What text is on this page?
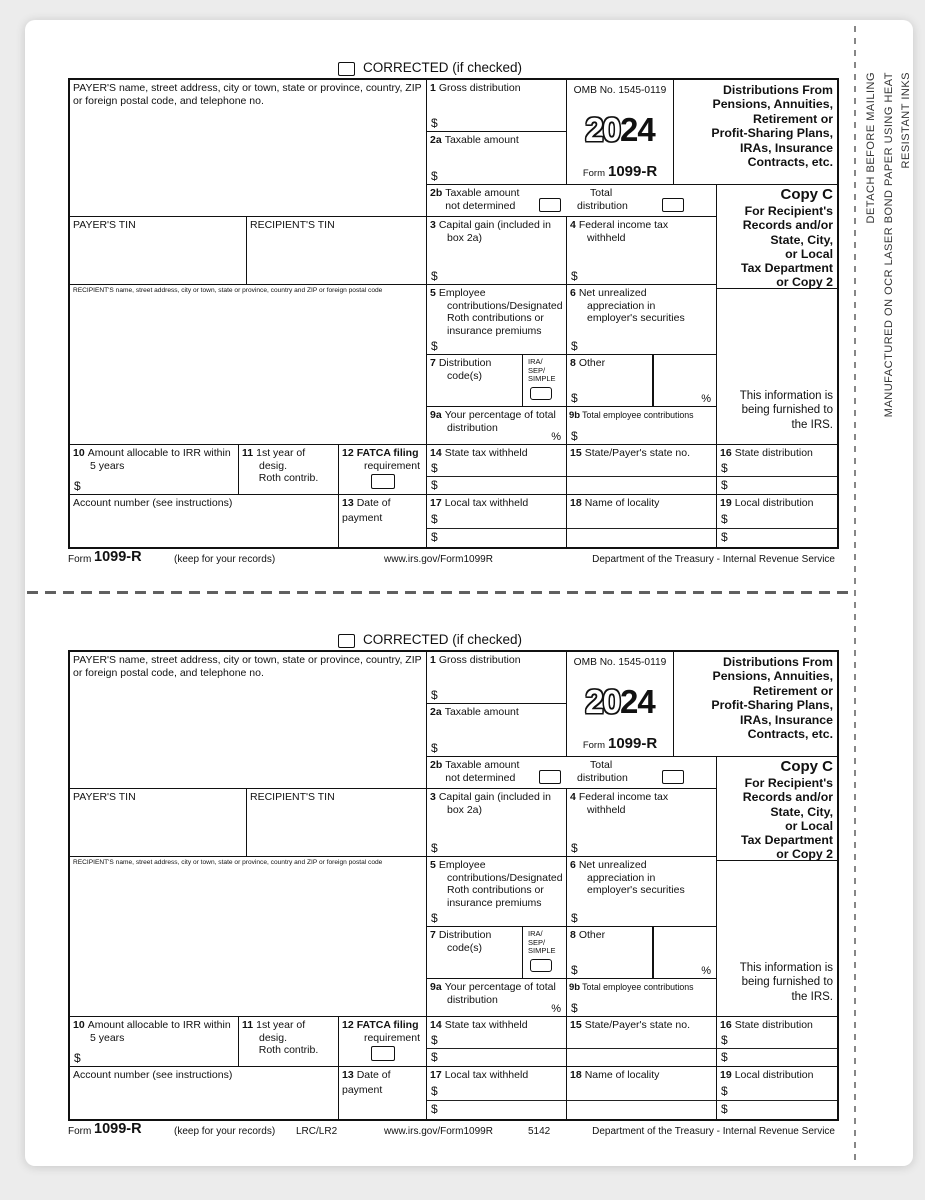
CORRECTED (if checked)
PAYER'S name, street address, city or town, state or province, country, ZIP or foreign postal code, and telephone no.
PAYER'S TIN	RECIPIENT'S TIN
RECIPIENT'S name, street address, city or town, state or province, country and ZIP or foreign postal code
1 Gross distribution
$
2a Taxable amount
$
OMB No. 1545-0119
2024
Form 1099-R
Distributions From
Pensions, Annuities,
Retirement or
Profit-Sharing Plans,
IRAs, Insurance
Contracts, etc.
2b Taxable amount
not determined
Total
distribution
Copy C
For Recipient's
Records and/or
State, City,
or Local
Tax Department
or Copy 2
3 Capital gain (included in box 2a)
$
4 Federal income tax withheld
$
5 Employee contributions/Designated Roth contributions or insurance premiums
$
6 Net unrealized appreciation in employer's securities
$
7 Distribution code(s)
IRA/
SEP/
SIMPLE
8 Other
$	%
9a Your percentage of total distribution
%
9b Total employee contributions
$
This information is being furnished to the IRS.
10 Amount allocable to IRR within 5 years
$
11 1st year of desig.
Roth contrib.
12 FATCA filing
requirement
14 State tax withheld
$
$
15 State/Payer's state no.	16 State distribution
$
$
Account number (see instructions)	13 Date of
payment
17 Local tax withheld
$
$
18 Name of locality	19 Local distribution
$
$
Form 1099-R	(keep for your records)	www.irs.gov/Form1099R	Department of the Treasury - Internal Revenue Service
CORRECTED (if checked)
PAYER'S name, street address, city or town, state or province, country, ZIP or foreign postal code, and telephone no.
PAYER'S TIN	RECIPIENT'S TIN
RECIPIENT'S name, street address, city or town, state or province, country and ZIP or foreign postal code
1 Gross distribution
$
2a Taxable amount
$
OMB No. 1545-0119
2024
Form 1099-R
Distributions From
Pensions, Annuities,
Retirement or
Profit-Sharing Plans,
IRAs, Insurance
Contracts, etc.
2b Taxable amount
not determined
Total
distribution
Copy C
For Recipient's
Records and/or
State, City,
or Local
Tax Department
or Copy 2
3 Capital gain (included in box 2a)
$
4 Federal income tax withheld
$
5 Employee contributions/Designated Roth contributions or insurance premiums
$
6 Net unrealized appreciation in employer's securities
$
7 Distribution code(s)
IRA/
SEP/
SIMPLE
8 Other
$	%
9a Your percentage of total distribution
%
9b Total employee contributions
$
This information is being furnished to the IRS.
10 Amount allocable to IRR within 5 years
$
11 1st year of desig.
Roth contrib.
12 FATCA filing
requirement
14 State tax withheld
$
$
15 State/Payer's state no.	16 State distribution
$
$
Account number (see instructions)	13 Date of
payment
17 Local tax withheld
$
$
18 Name of locality	19 Local distribution
$
$
Form 1099-R	(keep for your records) LRC/LR2	www.irs.gov/Form1099R	5142	Department of the Treasury - Internal Revenue Service
DETACH BEFORE MAILING MANUFACTURED ON OCR LASER BOND PAPER USING HEAT RESISTANT INKS
